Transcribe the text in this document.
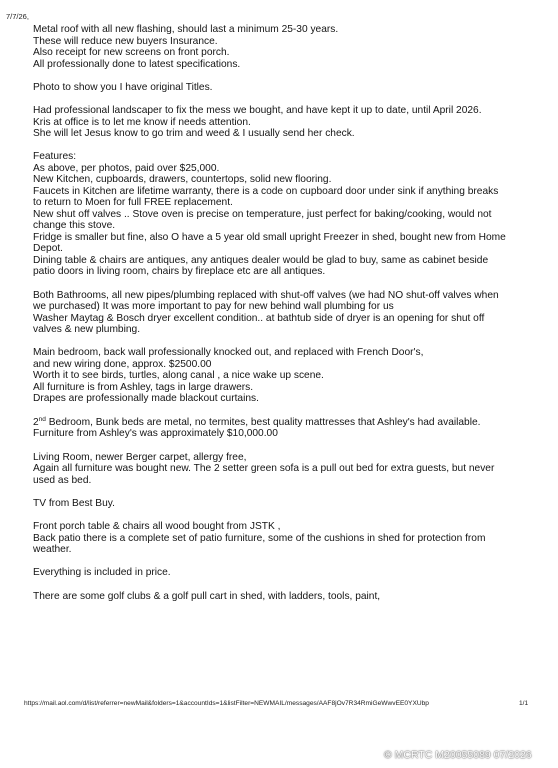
7/7/26,
Metal roof with all new flashing, should last a minimum 25-30 years.
These will reduce new buyers Insurance.
Also receipt for new screens on front porch.
All professionally done to latest specifications.
Photo to show you I have original Titles.
Had professional landscaper to fix the mess we bought, and have kept it up to date, until April 2026.
Kris at office is to let me know if needs attention.
She will let Jesus know to go trim and weed & I usually send her check.
Features:
As above, per photos, paid over $25,000.
New Kitchen, cupboards, drawers, countertops, solid new flooring.
Faucets in Kitchen are lifetime warranty, there is a code on cupboard door under sink if anything breaks
to return to Moen for full FREE replacement.
New shut off valves .. Stove oven is precise on temperature, just perfect for baking/cooking, would not
change this stove.
Fridge is smaller but fine, also O have a 5 year old small upright Freezer in shed, bought new from Home
Depot.
Dining table & chairs are antiques, any antiques dealer would be glad to buy, same as cabinet beside
patio doors in living room, chairs by fireplace etc are all antiques.
Both Bathrooms, all new pipes/plumbing replaced with shut-off valves (we had NO shut-off valves when
we purchased) It was more important to pay for new behind wall plumbing for us
Washer Maytag & Bosch dryer excellent condition.. at bathtub side of dryer is an opening for shut off
valves & new plumbing.
Main bedroom, back wall professionally knocked out, and replaced with French Door's,
and new wiring done, approx. $2500.00
Worth it to see birds, turtles, along canal , a nice wake up scene.
All furniture is from Ashley, tags in large drawers.
Drapes are professionally made blackout curtains.
2nd Bedroom, Bunk beds are metal, no termites, best quality mattresses that Ashley's had available.
Furniture from Ashley's was approximately $10,000.00
Living Room, newer Berger carpet, allergy free,
Again all furniture was bought new. The 2 setter green sofa is a pull out bed for extra guests, but never
used as bed.
TV from Best Buy.
Front porch table & chairs all wood bought from JSTK ,
Back patio there is a complete set of patio furniture, some of the cushions in shed for protection from
weather.
Everything is included in price.
There are some golf clubs & a golf pull cart in shed, with ladders, tools, paint,
https://mail.aol.com/d/list/referrer=newMail&folders=1&accountIds=1&listFilter=NEWMAIL/messages/AAF8jOv7R34RmiGeWwvEE0YXUbp	1/1
© MCRTC M20055089 07/2026
